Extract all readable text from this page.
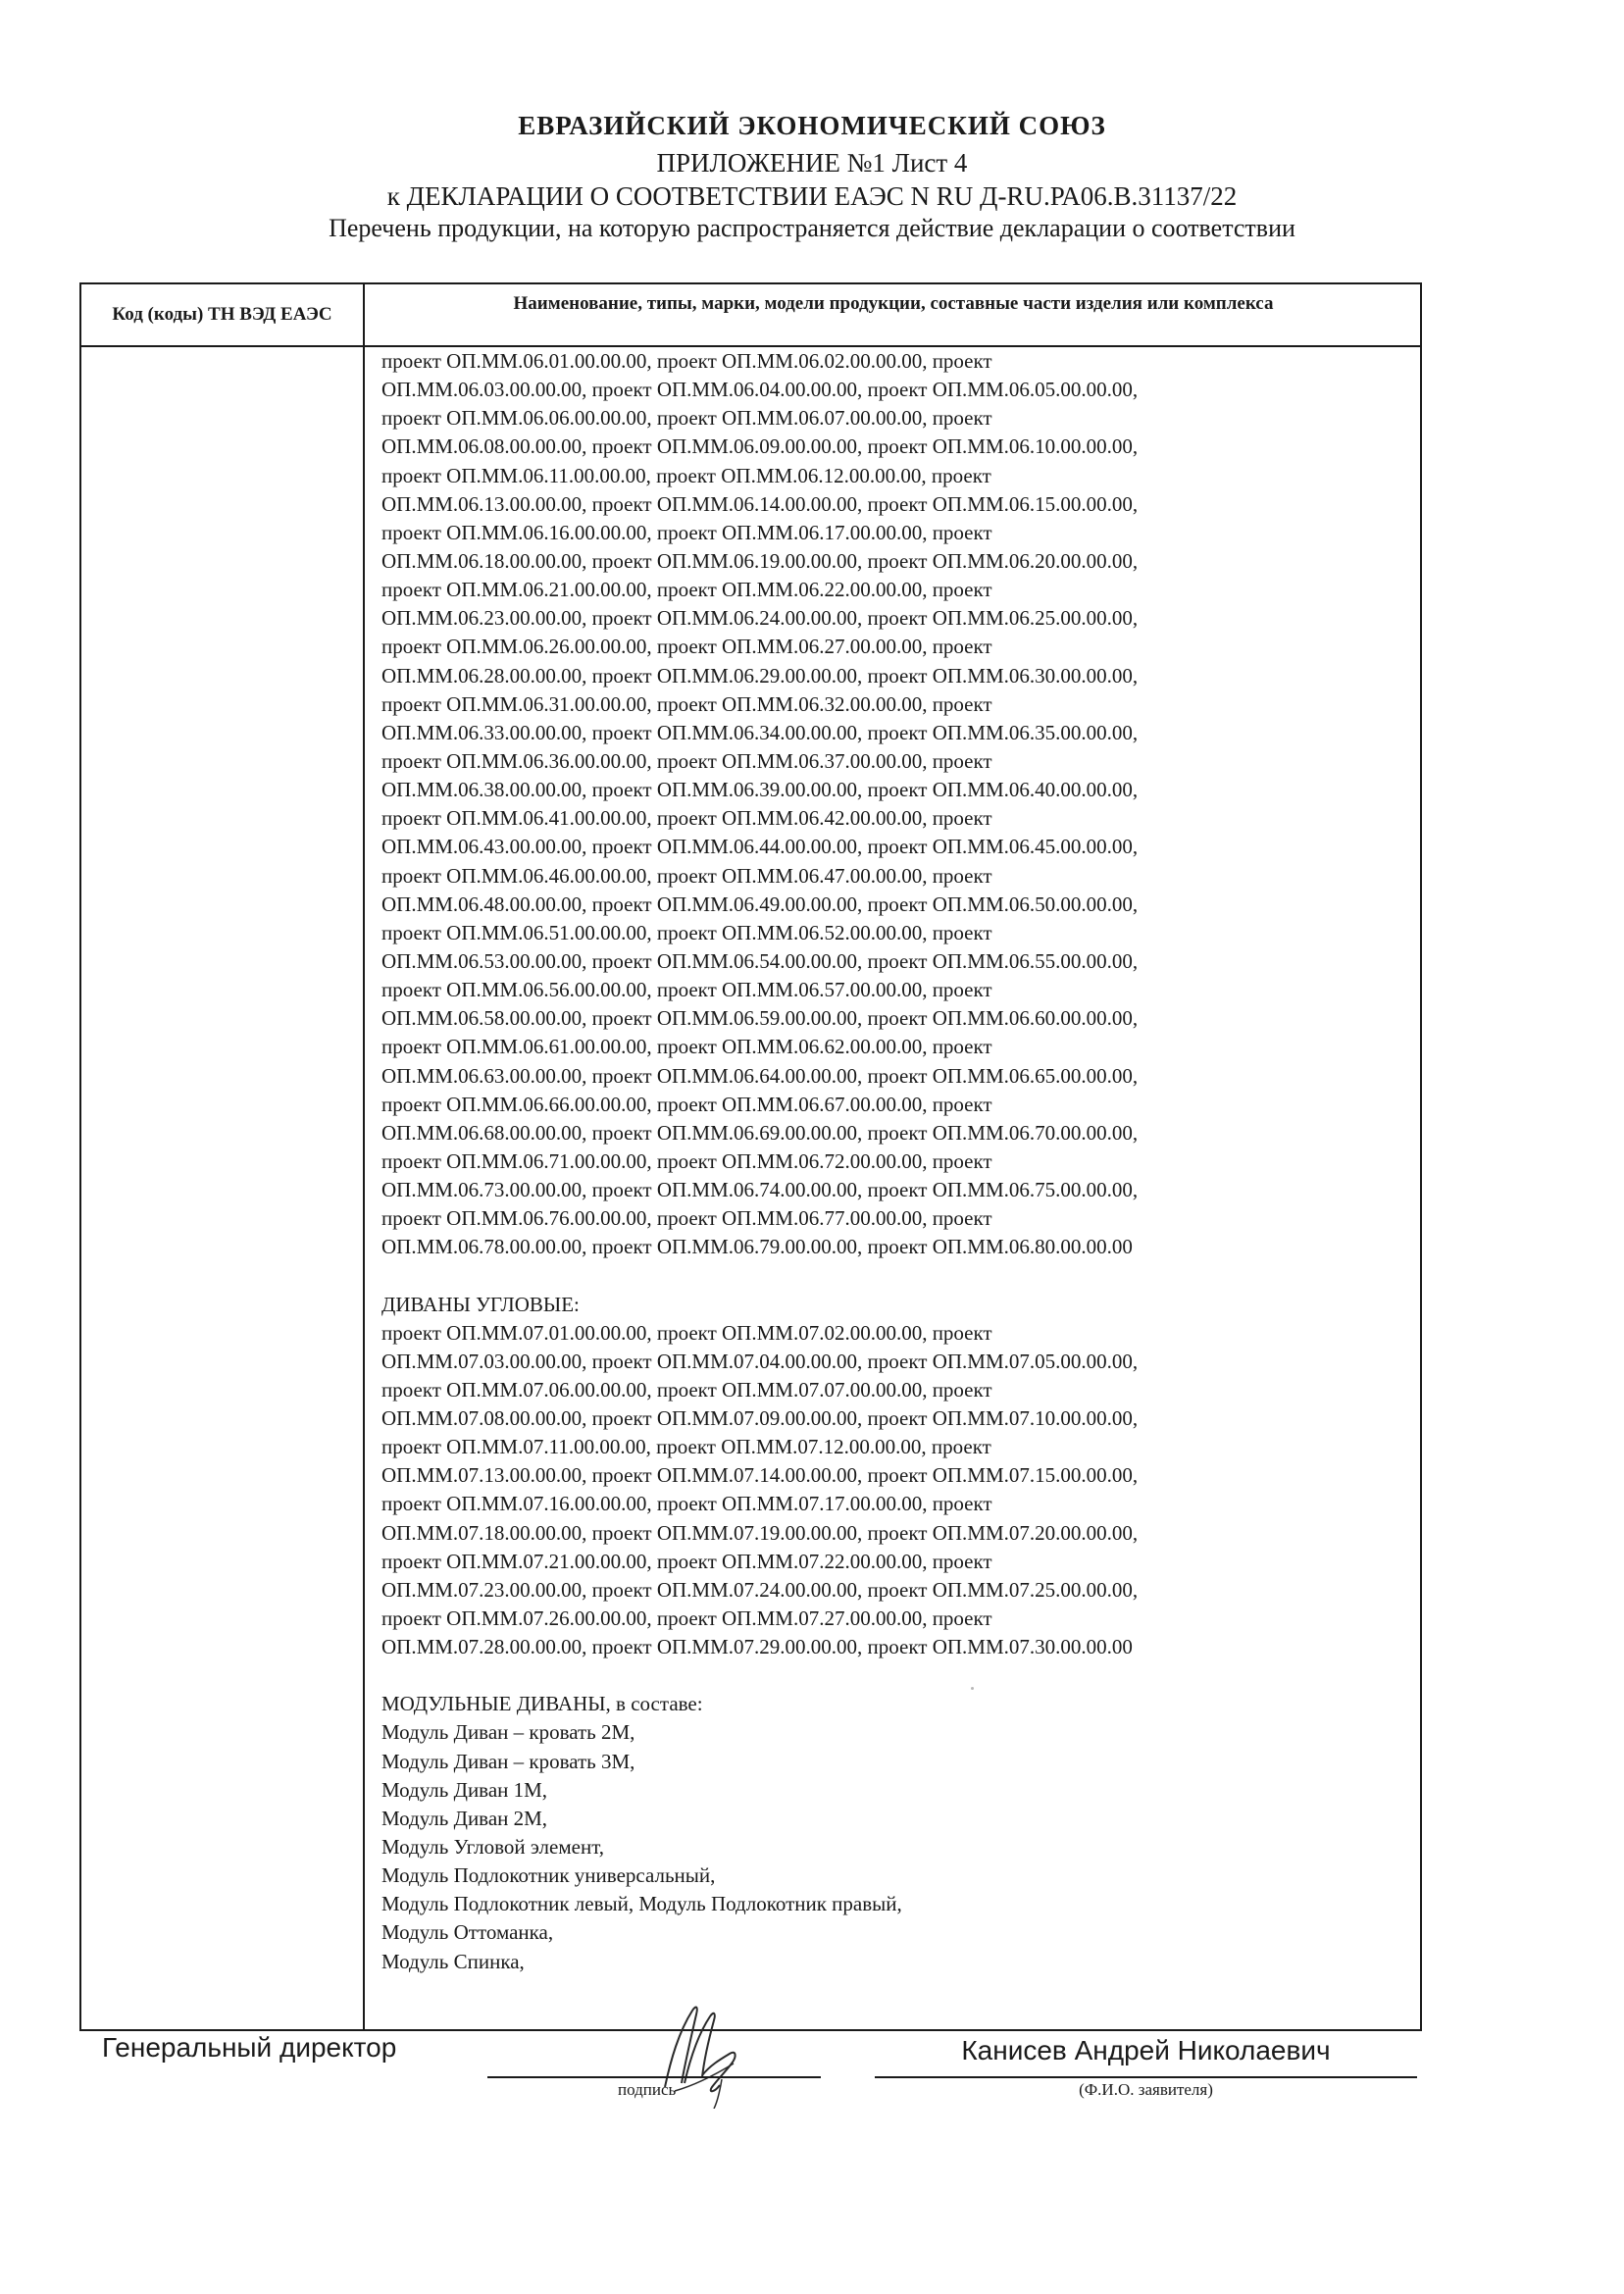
ЕВРАЗИЙСКИЙ ЭКОНОМИЧЕСКИЙ СОЮЗ
ПРИЛОЖЕНИЕ №1 Лист 4
к ДЕКЛАРАЦИИ О СООТВЕТСТВИИ ЕАЭС N RU Д-RU.РА06.В.31137/22
Перечень продукции, на которую распространяется действие декларации о соответствии
Код (коды) ТН ВЭД ЕАЭС
Наименование, типы, марки, модели продукции, составные части изделия или комплекса
проект ОП.ММ.06.01.00.00.00, проект ОП.ММ.06.02.00.00.00, проект
ОП.ММ.06.03.00.00.00, проект ОП.ММ.06.04.00.00.00, проект ОП.ММ.06.05.00.00.00,
проект ОП.ММ.06.06.00.00.00, проект ОП.ММ.06.07.00.00.00, проект
ОП.ММ.06.08.00.00.00, проект ОП.ММ.06.09.00.00.00, проект ОП.ММ.06.10.00.00.00,
проект ОП.ММ.06.11.00.00.00, проект ОП.ММ.06.12.00.00.00, проект
ОП.ММ.06.13.00.00.00, проект ОП.ММ.06.14.00.00.00, проект ОП.ММ.06.15.00.00.00,
проект ОП.ММ.06.16.00.00.00, проект ОП.ММ.06.17.00.00.00, проект
ОП.ММ.06.18.00.00.00, проект ОП.ММ.06.19.00.00.00, проект ОП.ММ.06.20.00.00.00,
проект ОП.ММ.06.21.00.00.00, проект ОП.ММ.06.22.00.00.00, проект
ОП.ММ.06.23.00.00.00, проект ОП.ММ.06.24.00.00.00, проект ОП.ММ.06.25.00.00.00,
проект ОП.ММ.06.26.00.00.00, проект ОП.ММ.06.27.00.00.00, проект
ОП.ММ.06.28.00.00.00, проект ОП.ММ.06.29.00.00.00, проект ОП.ММ.06.30.00.00.00,
проект ОП.ММ.06.31.00.00.00, проект ОП.ММ.06.32.00.00.00, проект
ОП.ММ.06.33.00.00.00, проект ОП.ММ.06.34.00.00.00, проект ОП.ММ.06.35.00.00.00,
проект ОП.ММ.06.36.00.00.00, проект ОП.ММ.06.37.00.00.00, проект
ОП.ММ.06.38.00.00.00, проект ОП.ММ.06.39.00.00.00, проект ОП.ММ.06.40.00.00.00,
проект ОП.ММ.06.41.00.00.00, проект ОП.ММ.06.42.00.00.00, проект
ОП.ММ.06.43.00.00.00, проект ОП.ММ.06.44.00.00.00, проект ОП.ММ.06.45.00.00.00,
проект ОП.ММ.06.46.00.00.00, проект ОП.ММ.06.47.00.00.00, проект
ОП.ММ.06.48.00.00.00, проект ОП.ММ.06.49.00.00.00, проект ОП.ММ.06.50.00.00.00,
проект ОП.ММ.06.51.00.00.00, проект ОП.ММ.06.52.00.00.00, проект
ОП.ММ.06.53.00.00.00, проект ОП.ММ.06.54.00.00.00, проект ОП.ММ.06.55.00.00.00,
проект ОП.ММ.06.56.00.00.00, проект ОП.ММ.06.57.00.00.00, проект
ОП.ММ.06.58.00.00.00, проект ОП.ММ.06.59.00.00.00, проект ОП.ММ.06.60.00.00.00,
проект ОП.ММ.06.61.00.00.00, проект ОП.ММ.06.62.00.00.00, проект
ОП.ММ.06.63.00.00.00, проект ОП.ММ.06.64.00.00.00, проект ОП.ММ.06.65.00.00.00,
проект ОП.ММ.06.66.00.00.00, проект ОП.ММ.06.67.00.00.00, проект
ОП.ММ.06.68.00.00.00, проект ОП.ММ.06.69.00.00.00, проект ОП.ММ.06.70.00.00.00,
проект ОП.ММ.06.71.00.00.00, проект ОП.ММ.06.72.00.00.00, проект
ОП.ММ.06.73.00.00.00, проект ОП.ММ.06.74.00.00.00, проект ОП.ММ.06.75.00.00.00,
проект ОП.ММ.06.76.00.00.00, проект ОП.ММ.06.77.00.00.00, проект
ОП.ММ.06.78.00.00.00, проект ОП.ММ.06.79.00.00.00, проект ОП.ММ.06.80.00.00.00
ДИВАНЫ УГЛОВЫЕ:
проект ОП.ММ.07.01.00.00.00, проект ОП.ММ.07.02.00.00.00, проект
ОП.ММ.07.03.00.00.00, проект ОП.ММ.07.04.00.00.00, проект ОП.ММ.07.05.00.00.00,
проект ОП.ММ.07.06.00.00.00, проект ОП.ММ.07.07.00.00.00, проект
ОП.ММ.07.08.00.00.00, проект ОП.ММ.07.09.00.00.00, проект ОП.ММ.07.10.00.00.00,
проект ОП.ММ.07.11.00.00.00, проект ОП.ММ.07.12.00.00.00, проект
ОП.ММ.07.13.00.00.00, проект ОП.ММ.07.14.00.00.00, проект ОП.ММ.07.15.00.00.00,
проект ОП.ММ.07.16.00.00.00, проект ОП.ММ.07.17.00.00.00, проект
ОП.ММ.07.18.00.00.00, проект ОП.ММ.07.19.00.00.00, проект ОП.ММ.07.20.00.00.00,
проект ОП.ММ.07.21.00.00.00, проект ОП.ММ.07.22.00.00.00, проект
ОП.ММ.07.23.00.00.00, проект ОП.ММ.07.24.00.00.00, проект ОП.ММ.07.25.00.00.00,
проект ОП.ММ.07.26.00.00.00, проект ОП.ММ.07.27.00.00.00, проект
ОП.ММ.07.28.00.00.00, проект ОП.ММ.07.29.00.00.00, проект ОП.ММ.07.30.00.00.00
МОДУЛЬНЫЕ ДИВАНЫ, в составе:
Модуль Диван – кровать 2М,
Модуль Диван – кровать 3М,
Модуль Диван 1М,
Модуль Диван 2М,
Модуль Угловой элемент,
Модуль Подлокотник универсальный,
Модуль Подлокотник левый, Модуль Подлокотник правый,
Модуль Оттоманка,
Модуль Спинка,
Генеральный директор
подпись
Канисев Андрей Николаевич
(Ф.И.О. заявителя)
